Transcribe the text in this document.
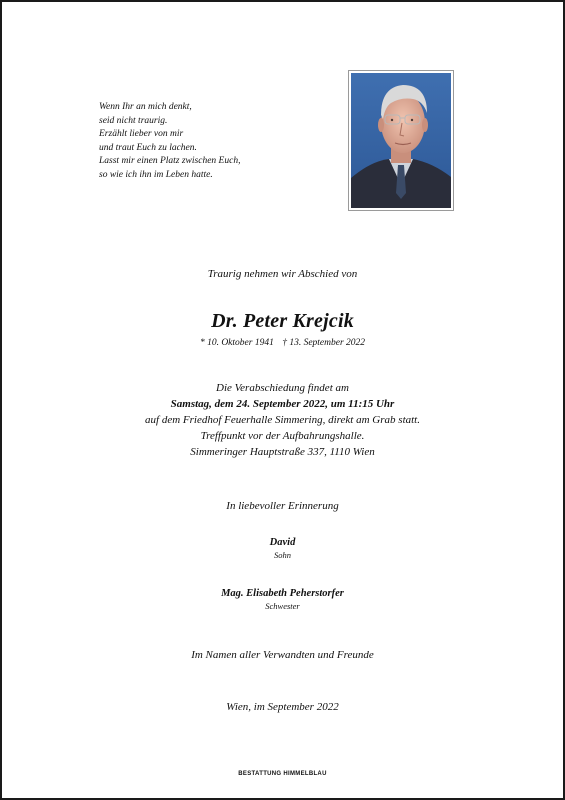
Wenn Ihr an mich denkt,
seid nicht traurig.
Erzählt lieber von mir
und traut Euch zu lachen.
Lasst mir einen Platz zwischen Euch,
so wie ich ihn im Leben hatte.
Traurig nehmen wir Abschied von
Dr. Peter Krejcik
* 10. Oktober 1941 † 13. September 2022
Die Verabschiedung findet am
Samstag, dem 24. September 2022, um 11:15 Uhr
auf dem Friedhof Feuerhalle Simmering, direkt am Grab statt.
Treffpunkt vor der Aufbahrungshalle.
Simmeringer Hauptstraße 337, 1110 Wien
In liebevoller Erinnerung
David
Sohn
Mag. Elisabeth Peherstorfer
Schwester
Im Namen aller Verwandten und Freunde
Wien, im September 2022
BESTATTUNG HIMMELBLAU
